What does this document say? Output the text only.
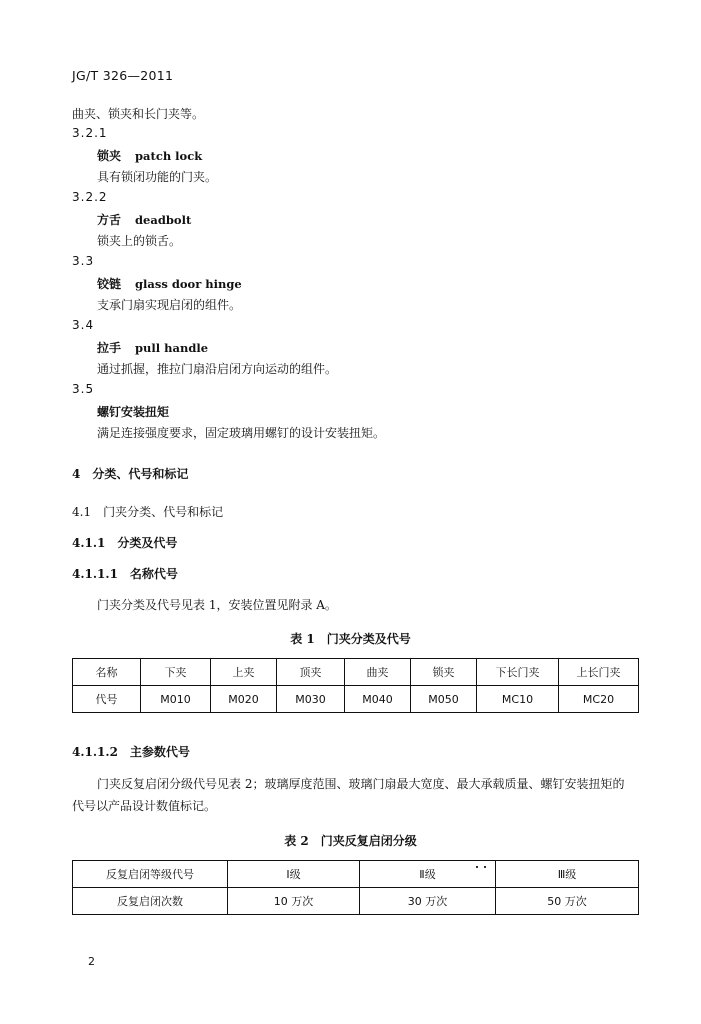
JG/T 326—2011
曲夹、锁夹和长门夹等。
3.2.1
锁夹 patch lock
具有锁闭功能的门夹。
3.2.2
方舌 deadbolt
锁夹上的锁舌。
3.3
铰链 glass door hinge
支承门扇实现启闭的组件。
3.4
拉手 pull handle
通过抓握，推拉门扇沿启闭方向运动的组件。
3.5
螺钉安装扭矩
满足连接强度要求，固定玻璃用螺钉的设计安装扭矩。
4　分类、代号和标记
4.1　门夹分类、代号和标记
4.1.1　分类及代号
4.1.1.1　名称代号
门夹分类及代号见表 1，安装位置见附录 A。
表 1　门夹分类及代号
名称	下夹	上夹	顶夹	曲夹	锁夹	下长门夹	上长门夹
代号	M010	M020	M030	M040	M050	MC10	MC20
4.1.1.2　主参数代号
门夹反复启闭分级代号见表 2；玻璃厚度范围、玻璃门扇最大宽度、最大承载质量、螺钉安装扭矩的
代号以产品设计数值标记。
表 2　门夹反复启闭分级
反复启闭等级代号	Ⅰ级	Ⅱ级	Ⅲ级
反复启闭次数	10 万次	30 万次	50 万次
2
